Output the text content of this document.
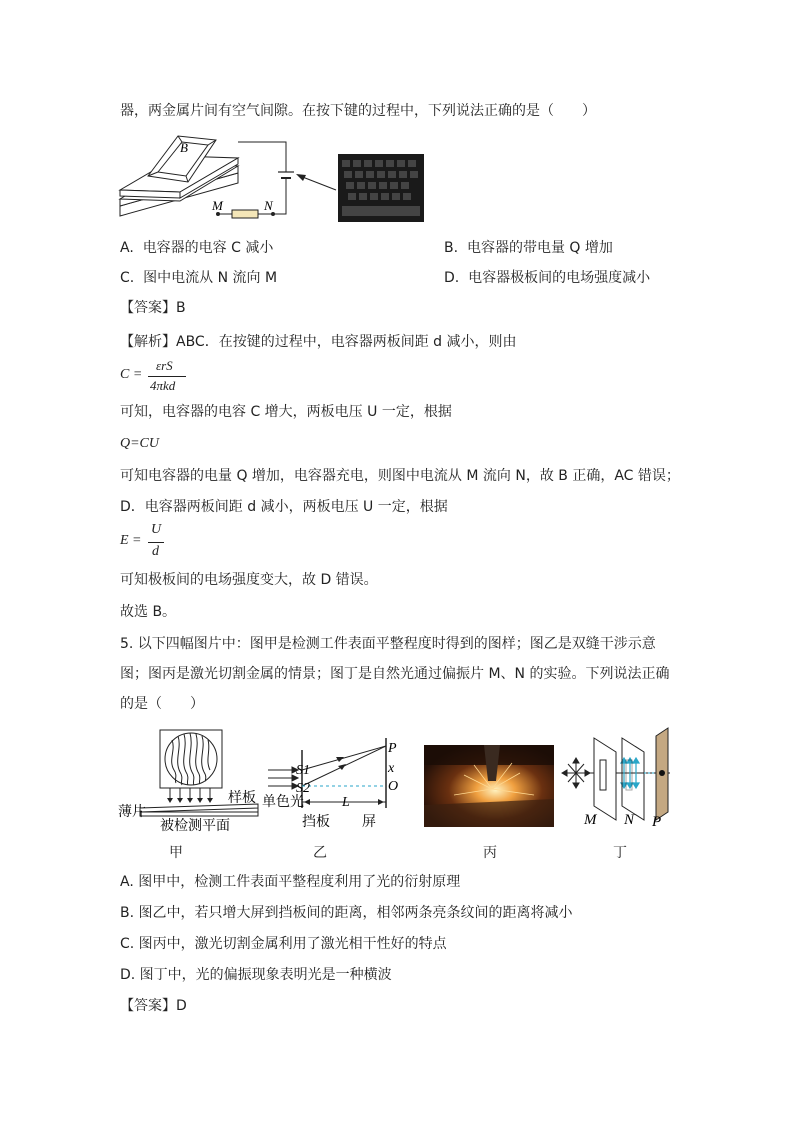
器，两金属片间有空气间隙。在按下键的过程中，下列说法正确的是（　　）
B
M	N
A. 电容器的电容 C 减小	B. 电容器的带电量 Q 增加
C. 图中电流从 N 流向 M	D. 电容器极板间的电场强度减小
【答案】B
【解析】ABC．在按键的过程中，电容器两板间距 d 减小，则由
C =
εrS
4πkd
可知，电容器的电容 C 增大，两板电压 U 一定，根据
Q=CU
可知电容器的电量 Q 增加，电容器充电，则图中电流从 M 流向 N，故 B 正确，AC 错误；
D．电容器两板间距 d 减小，两板电压 U 一定，根据
E =
U
d
可知极板间的电场强度变大，故 D 错误。
故选 B。
5. 以下四幅图片中：图甲是检测工件表面平整程度时得到的图样；图乙是双缝干涉示意
图；图丙是激光切割金属的情景；图丁是自然光通过偏振片 M、N 的实验。下列说法正确
的是（　　）
薄片
样板
被检测平面
甲
S1
S2
P
x
O
L
单色光
挡板 屏
乙	丙
M N P
丁
A. 图甲中，检测工件表面平整程度利用了光的衍射原理
B. 图乙中，若只增大屏到挡板间的距离，相邻两条亮条纹间的距离将减小
C. 图丙中，激光切割金属利用了激光相干性好的特点
D. 图丁中，光的偏振现象表明光是一种横波
【答案】D
